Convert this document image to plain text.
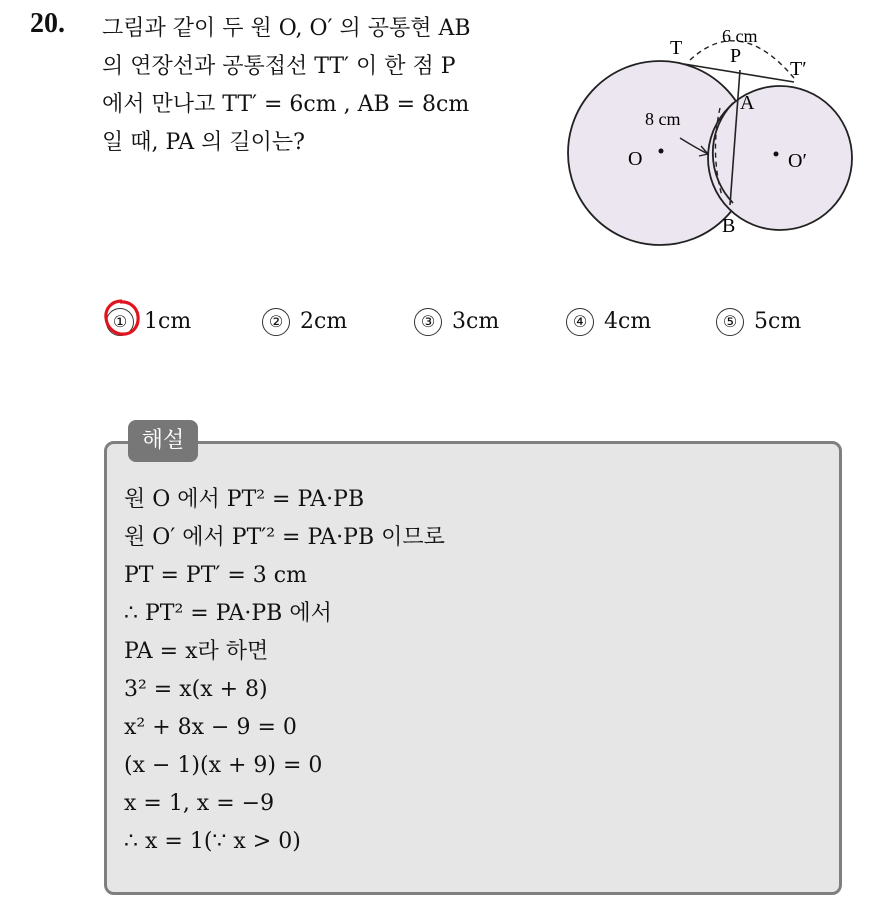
20. 그림과 같이 두 원 O, O′ 의 공통현 AB
의 연장선과 공통접선 TT′ 이 한 점 P
에서 만나고 TT′ = 6cm , AB = 8cm
일 때, PA 의 길이는?
T P
T′
A
B
O	O′
6 cm
8 cm
① 1cm	② 2cm	③ 3cm	④ 4cm	⑤ 5cm
해설
원 O 에서 PT² = PA·PB
원 O′ 에서 PT′² = PA·PB 이므로
PT = PT′ = 3 cm
∴ PT² = PA·PB 에서
PA = x라 하면
3² = x(x + 8)
x² + 8x − 9 = 0
(x − 1)(x + 9) = 0
x = 1, x = −9
∴ x = 1(∵ x > 0)
